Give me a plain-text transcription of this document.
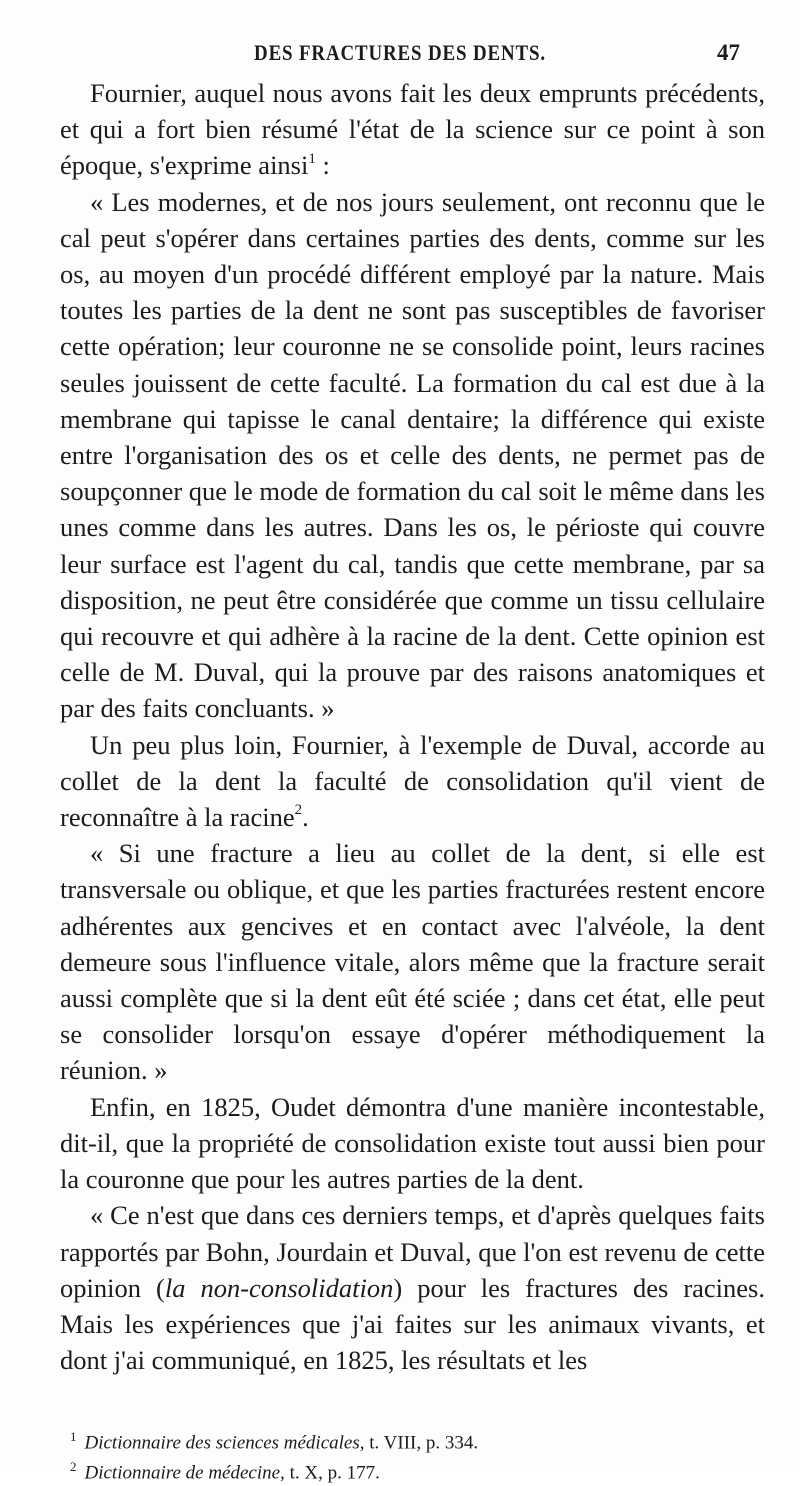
DES FRACTURES DES DENTS.	47

Fournier, auquel nous avons fait les deux emprunts précédents, et qui a fort bien résumé l'état de la science sur ce point à son époque, s'exprime ainsi$^1$ :

« Les modernes, et de nos jours seulement, ont reconnu que le cal peut s'opérer dans certaines parties des dents, comme sur les os, au moyen d'un procédé différent employé par la nature. Mais toutes les parties de la dent ne sont pas susceptibles de favoriser cette opération; leur couronne ne se consolide point, leurs racines seules jouissent de cette faculté. La formation du cal est due à la membrane qui tapisse le canal dentaire; la différence qui existe entre l'organisation des os et celle des dents, ne permet pas de soupçonner que le mode de formation du cal soit le même dans les unes comme dans les autres. Dans les os, le périoste qui couvre leur surface est l'agent du cal, tandis que cette membrane, par sa disposition, ne peut être considérée que comme un tissu cellulaire qui recouvre et qui adhère à la racine de la dent. Cette opinion est celle de M. Duval, qui la prouve par des raisons anatomiques et par des faits concluants. »

Un peu plus loin, Fournier, à l'exemple de Duval, accorde au collet de la dent la faculté de consolidation qu'il vient de reconnaître à la racine$^2$.

« Si une fracture a lieu au collet de la dent, si elle est transversale ou oblique, et que les parties fracturées restent encore adhérentes aux gencives et en contact avec l'alvéole, la dent demeure sous l'influence vitale, alors même que la fracture serait aussi complète que si la dent eût été sciée ; dans cet état, elle peut se consolider lorsqu'on essaye d'opérer méthodiquement la réunion. »

Enfin, en 1825, Oudet démontra d'une manière incontestable, dit-il, que la propriété de consolidation existe tout aussi bien pour la couronne que pour les autres parties de la dent.

« Ce n'est que dans ces derniers temps, et d'après quelques faits rapportés par Bohn, Jourdain et Duval, que l'on est revenu de cette opinion (la non-consolidation) pour les fractures des racines. Mais les expériences que j'ai faites sur les animaux vivants, et dont j'ai communiqué, en 1825, les résultats et les

$^1$ Dictionnaire des sciences médicales, t. VIII, p. 334.
$^2$ Dictionnaire de médecine, t. X, p. 177.
